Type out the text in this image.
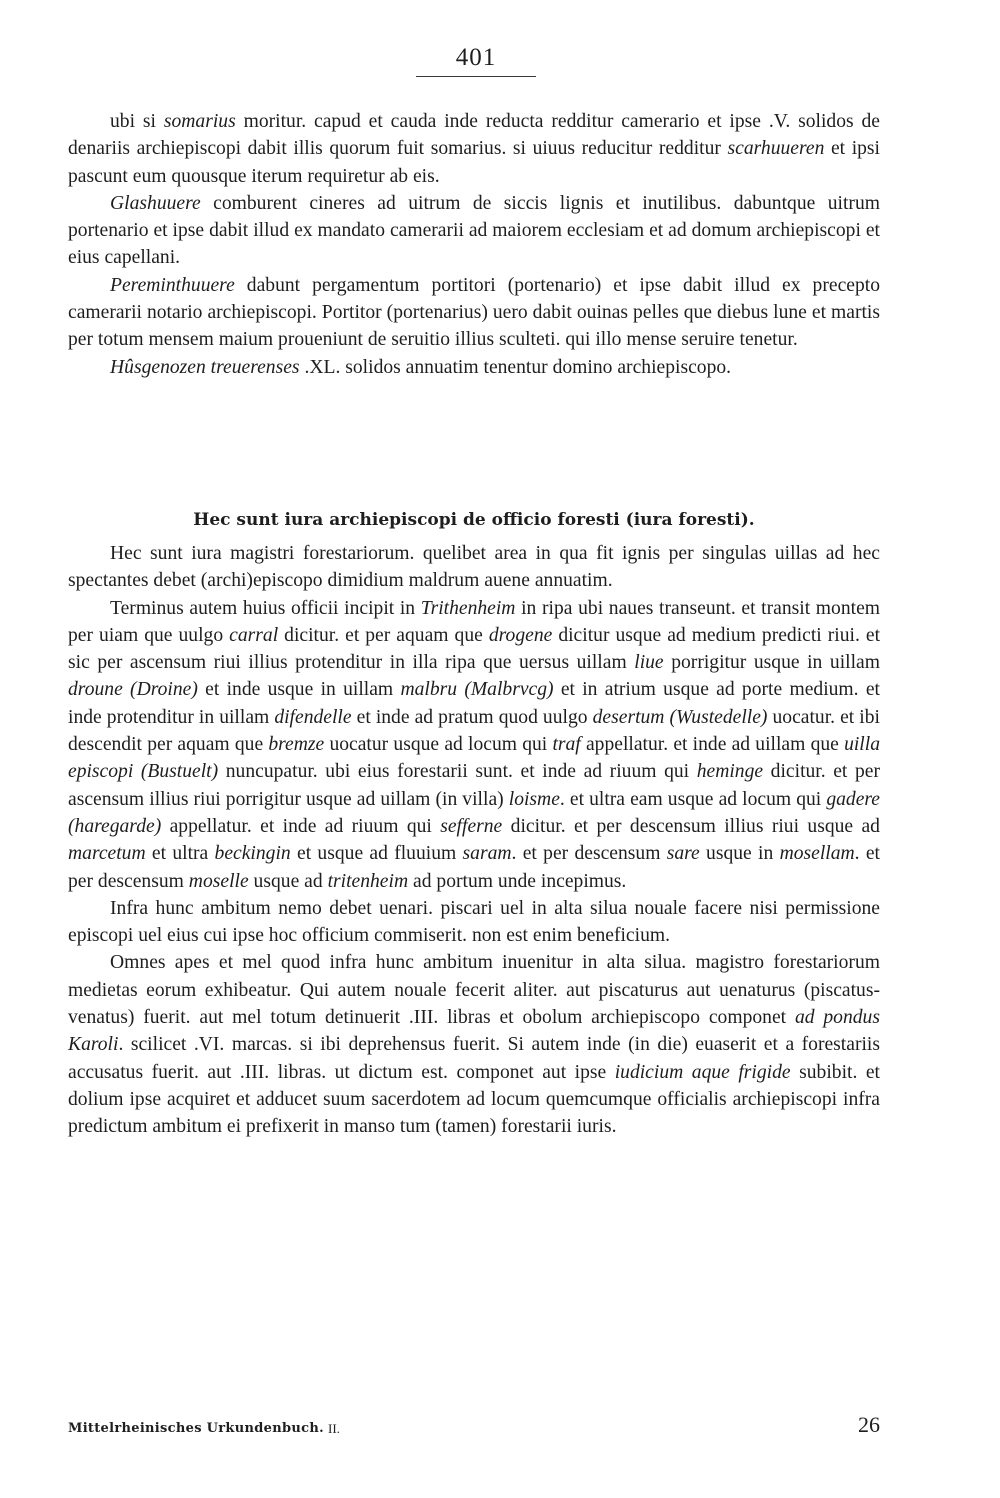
401

ubi si somarius moritur. capud et cauda inde reducta redditur camerario et ipse .V. solidos de denariis archiepiscopi dabit illis quorum fuit somarius. si uiuus reducitur redditur scarhuueren et ipsi pascunt eum quousque iterum requiretur ab eis.

Glashuuere comburent cineres ad uitrum de siccis lignis et inutilibus. dabuntque uitrum portenario et ipse dabit illud ex mandato camerarii ad maiorem ecclesiam et ad domum archiepiscopi et eius capellani.

Pereminthuuere dabunt pergamentum portitori (portenario) et ipse dabit illud ex precepto camerarii notario archiepiscopi. Portitor (portenarius) uero dabit ouinas pelles que diebus lune et martis per totum mensem maium proueniunt de seruitio illius sculteti. qui illo mense seruire tenetur.

Hûsgenozen treuerenses .XL. solidos annuatim tenentur domino archiepiscopo.

Hec sunt iura archiepiscopi de officio foresti (iura foresti).

Hec sunt iura magistri forestariorum. quelibet area in qua fit ignis per singulas uillas ad hec spectantes debet (archi)episcopo dimidium maldrum auene annuatim.

Terminus autem huius officii incipit in Trithenheim in ripa ubi naues transeunt. et transit montem per uiam que uulgo carral dicitur. et per aquam que drogene dicitur usque ad medium predicti riui. et sic per ascensum riui illius protenditur in illa ripa que uersus uillam liue porrigitur usque in uillam droune (Droine) et inde usque in uillam malbru (Malbrvcg) et in atrium usque ad porte medium. et inde protenditur in uillam difendelle et inde ad pratum quod uulgo desertum (Wustedelle) uocatur. et ibi descendit per aquam que bremze uocatur usque ad locum qui traf appellatur. et inde ad uillam que uilla episcopi (Bustuelt) nuncupatur. ubi eius forestarii sunt. et inde ad riuum qui heminge dicitur. et per ascensum illius riui porrigitur usque ad uillam (in villa) loisme. et ultra eam usque ad locum qui gadere (haregarde) appellatur. et inde ad riuum qui sefferne dicitur. et per descensum illius riui usque ad marcetum et ultra beckingin et usque ad fluuium saram. et per descensum sare usque in mosellam. et per descensum moselle usque ad tritenheim ad portum unde incepimus.

Infra hunc ambitum nemo debet uenari. piscari uel in alta silua nouale facere nisi permissione episcopi uel eius cui ipse hoc officium commiserit. non est enim beneficium.

Omnes apes et mel quod infra hunc ambitum inuenitur in alta silua. magistro forestariorum medietas eorum exhibeatur. Qui autem nouale fecerit aliter. aut piscaturus aut uenaturus (piscatus-venatus) fuerit. aut mel totum detinuerit .III. libras et obolum archiepiscopo componet ad pondus Karoli. scilicet .VI. marcas. si ibi deprehensus fuerit. Si autem inde (in die) euaserit et a forestariis accusatus fuerit. aut .III. libras. ut dictum est. componet aut ipse iudicium aque frigide subibit. et dolium ipse acquiret et adducet suum sacerdotem ad locum quemcumque officialis archiepiscopi infra predictum ambitum ei prefixerit in manso tum (tamen) forestarii iuris.

Mittelrheinisches Urkundenbuch. II.	26
